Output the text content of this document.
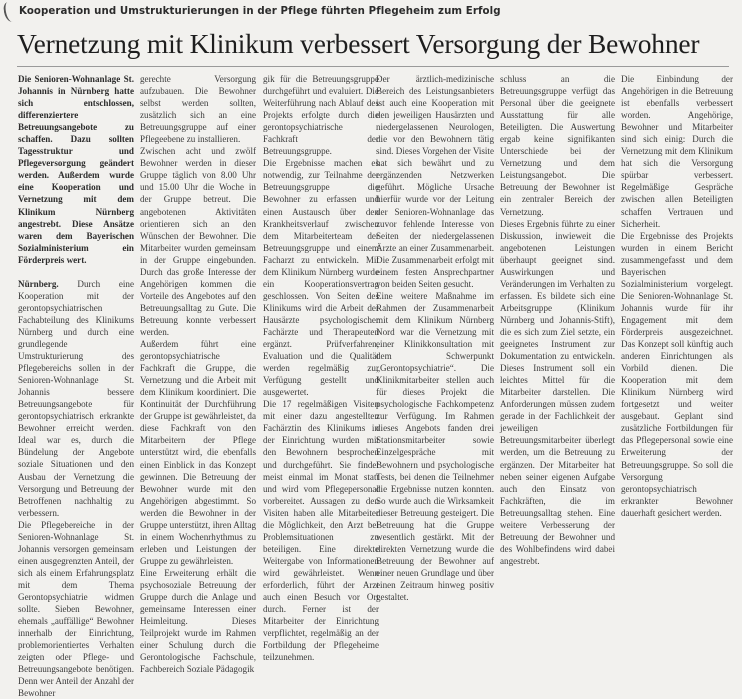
Kooperation und Umstrukturierungen in der Pflege führten Pflegeheim zum Erfolg
Vernetzung mit Klinikum verbessert Versorgung der Bewohner

Die Senioren-Wohnanlage St. Johannis in Nürnberg hatte sich entschlossen, differenziertere Betreuungsangebote zu schaffen. Dazu sollten Tagesstruktur und Pflegeversorgung geändert werden. Außerdem wurde eine Kooperation und Vernetzung mit dem Klinikum Nürnberg angestrebt. Diese Ansätze waren dem Bayerischen Sozialministerium ein Förderpreis wert.

Nürnberg. Durch eine Kooperation mit der gerontopsychiatrischen Fachabteilung des Klinikums Nürnberg und durch eine grundlegende Umstrukturierung des Pflegebereichs sollen in der Senioren-Wohnanlage St. Johannis bessere Betreuungsangebote für gerontopsychiatrisch erkrankte Bewohner erreicht werden. Ideal war es, durch die Bündelung der Angebote soziale Situationen und den Ausbau der Vernetzung die Versorgung und Betreuung der Betroffenen nachhaltig zu verbessern.

Die Pflegebereiche in der Senioren-Wohnanlage St. Johannis versorgen gemeinsam einen ausgegrenzten Anteil, der sich als einem Erfahrungsplatz mit dem Thema Gerontopsychiatrie widmen sollte. Sieben Bewohner, ehemals „auffällige“ Bewohner innerhalb der Einrichtung, problemorientiertes Verhalten zeigten oder Pflege- und Betreuungsangebote benötigen. Denn wer Anteil der Anzahl der Bewohner

gerechte Versorgung aufzubauen. Die Bewohner selbst werden sollten, zusätzlich sich an eine Betreuungsgruppe auf einer Pflegeebene zu installieren.

Zwischen acht und zwölf Bewohner werden in dieser Gruppe täglich von 8.00 Uhr und 15.00 Uhr die Woche in der Gruppe betreut. Die angebotenen Aktivitäten orientieren sich an den Wünschen der Bewohner. Die Mitarbeiter wurden gemeinsam in der Gruppe eingebunden. Durch das große Interesse der Angehörigen kommen die Vorteile des Angebotes auf den Betreuungsalltag zu Gute. Die Betreuung konnte verbessert werden.

Außerdem führt eine gerontopsychiatrische Fachkraft die Gruppe, die Vernetzung und die Arbeit mit dem Klinikum koordiniert. Die Kontinuität der Durchführung der Gruppe ist gewährleistet, da diese Fachkraft von den Mitarbeitern der Pflege unterstützt wird, die ebenfalls einen Einblick in das Konzept gewinnen. Die Betreuung der Bewohner wurde mit den Angehörigen abgestimmt. So werden die Bewohner in der Gruppe unterstützt, ihren Alltag in einem Wochenrhythmus zu erleben und Leistungen der Gruppe zu gewährleisten.

Eine Erweiterung erhält die psychosoziale Betreuung der Gruppe durch die Anlage und gemeinsame Interessen einer Heimleitung. Dieses Teilprojekt wurde im Rahmen einer Schulung durch die Gerontologische Fachschule, Fachbereich Soziale Pädagogik

gik für die Betreuungsgruppe durchgeführt und evaluiert. Die Weiterführung nach Ablauf des Projekts erfolgte durch die gerontopsychiatrische Fachkraft der Betreuungsgruppe.

Die Ergebnisse machen es notwendig, zur Teilnahme der Betreuungsgruppe die Bewohner zu erfassen und einen Austausch über den Krankheitsverlauf zwischen dem Mitarbeiterteam der Betreuungsgruppe und einem Facharzt zu entwickeln. Mit dem Klinikum Nürnberg wurde ein Kooperationsvertrag geschlossen. Von Seiten des Klinikums wird die Arbeit der Hausärzte psychologischer Fachärzte und Therapeuten ergänzt. Prüfverfahren, Evaluation und die Qualität werden regelmäßig zur Verfügung gestellt und ausgewertet.

Die 17 regelmäßigen Visiten mit einer dazu angestellten Fachärztin des Klinikums in der Einrichtung wurden mit den Bewohnern besprochen und durchgeführt. Sie findet meist einmal im Monat statt und wird vom Pflegepersonal vorbereitet. Aussagen zu den Visiten haben alle Mitarbeiter die Möglichkeit, den Arzt bei Problemsituationen zu beteiligen. Eine direkte Weitergabe von Informationen wird gewährleistet. Wenn erforderlich, führt der Arzt auch einen Besuch vor Ort durch. Ferner ist der Mitarbeiter der Einrichtung verpflichtet, regelmäßig an der Fortbildung der Pflegeheime teilzunehmen.

Der ärztlich-medizinische Bereich des Leistungsanbieters ist auch eine Kooperation mit den jeweiligen Hausärzten und niedergelassenen Neurologen, die vor den Bewohnern tätig sind. Dieses Vorgehen der Visite hat sich bewährt und zu ergänzenden Netzwerken geführt. Mögliche Ursache hierfür wurde vor der Leitung der Senioren-Wohnanlage das zuvor fehlende Interesse von Seiten der niedergelassenen Ärzte an einer Zusammenarbeit. Die Zusammenarbeit erfolgt mit einem festen Ansprechpartner von beiden Seiten gesucht.

Eine weitere Maßnahme im Rahmen der Zusammenarbeit mit dem Klinikum Nürnberg Nord war die Vernetzung mit einer Klinikkonsultation mit dem Schwerpunkt „Gerontopsychiatrie“. Die Klinikmitarbeiter stellen auch für dieses Projekt die psychologische Fachkompetenz zur Verfügung. Im Rahmen dieses Angebots fanden drei Stationsmitarbeiter sowie Einzelgespräche mit Bewohnern und psychologische Tests, bei denen die Teilnehmer die Ergebnisse nutzen konnten. So wurde auch die Wirksamkeit dieser Betreuung gesteigert. Die Betreuung hat die Gruppe wesentlich gestärkt. Mit der direkten Vernetzung wurde die Betreuung der Bewohner auf einer neuen Grundlage und über einen Zeitraum hinweg positiv gestaltet.

schluss an die Betreuungsgruppe verfügt das Personal über die geeignete Ausstattung für alle Beteiligten. Die Auswertung ergab keine signifikanten Unterschiede bei der Vernetzung und dem Leistungsangebot. Die Betreuung der Bewohner ist ein zentraler Bereich der Vernetzung.

Dieses Ergebnis führte zu einer Diskussion, inwieweit die angebotenen Leistungen überhaupt geeignet sind. Auswirkungen und Veränderungen im Verhalten zu erfassen. Es bildete sich eine Arbeitsgruppe (Klinikum Nürnberg und Johannis-Stift), die es sich zum Ziel setzte, ein geeignetes Instrument zur Dokumentation zu entwickeln. Dieses Instrument soll ein leichtes Mittel für die Mitarbeiter darstellen. Die Anforderungen müssen zudem gerade in der Fachlichkeit der jeweiligen Betreuungsmitarbeiter überlegt werden, um die Betreuung zu ergänzen. Der Mitarbeiter hat neben seiner eigenen Aufgabe auch den Einsatz von Fachkräften, die im Betreuungsalltag stehen. Eine weitere Verbesserung der Betreuung der Bewohner und des Wohlbefindens wird dabei angestrebt.

Die Einbindung der Angehörigen in die Betreuung ist ebenfalls verbessert worden. Angehörige, Bewohner und Mitarbeiter sind sich einig: Durch die Vernetzung mit dem Klinikum hat sich die Versorgung spürbar verbessert. Regelmäßige Gespräche zwischen allen Beteiligten schaffen Vertrauen und Sicherheit.

Die Ergebnisse des Projekts wurden in einem Bericht zusammengefasst und dem Bayerischen Sozialministerium vorgelegt. Die Senioren-Wohnanlage St. Johannis wurde für ihr Engagement mit dem Förderpreis ausgezeichnet. Das Konzept soll künftig auch anderen Einrichtungen als Vorbild dienen. Die Kooperation mit dem Klinikum Nürnberg wird fortgesetzt und weiter ausgebaut. Geplant sind zusätzliche Fortbildungen für das Pflegepersonal sowie eine Erweiterung der Betreuungsgruppe. So soll die Versorgung gerontopsychiatrisch erkrankter Bewohner dauerhaft gesichert werden.
